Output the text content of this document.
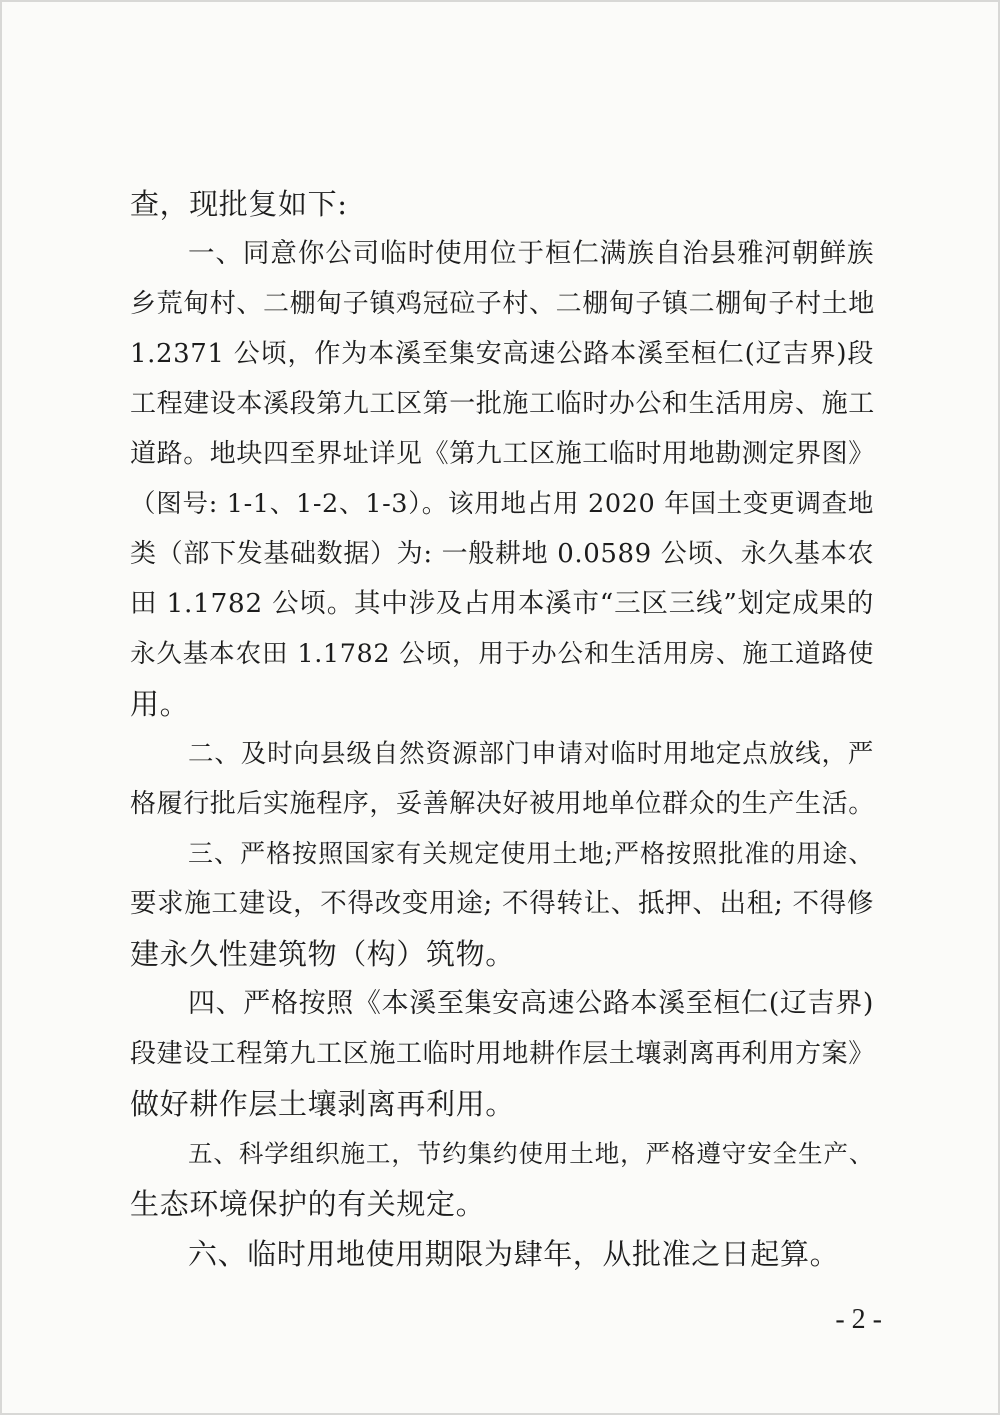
查，现批复如下:
一、同意你公司临时使用位于桓仁满族自治县雅河朝鲜族
乡荒甸村、二棚甸子镇鸡冠砬子村、二棚甸子镇二棚甸子村土地
1.2371 公顷，作为本溪至集安高速公路本溪至桓仁(辽吉界)段
工程建设本溪段第九工区第一批施工临时办公和生活用房、施工
道路。地块四至界址详见《第九工区施工临时用地勘测定界图》
（图号: 1-1、1-2、1-3）。该用地占用 2020 年国土变更调查地
类（部下发基础数据）为: 一般耕地 0.0589 公顷、永久基本农
田 1.1782 公顷。其中涉及占用本溪市“三区三线”划定成果的
永久基本农田 1.1782 公顷，用于办公和生活用房、施工道路使
用。
二、及时向县级自然资源部门申请对临时用地定点放线，严
格履行批后实施程序，妥善解决好被用地单位群众的生产生活。
三、严格按照国家有关规定使用土地;严格按照批准的用途、
要求施工建设，不得改变用途; 不得转让、抵押、出租; 不得修
建永久性建筑物（构）筑物。
四、严格按照《本溪至集安高速公路本溪至桓仁(辽吉界)
段建设工程第九工区施工临时用地耕作层土壤剥离再利用方案》
做好耕作层土壤剥离再利用。
五、科学组织施工，节约集约使用土地，严格遵守安全生产、
生态环境保护的有关规定。
六、临时用地使用期限为肆年，从批准之日起算。
- 2 -
